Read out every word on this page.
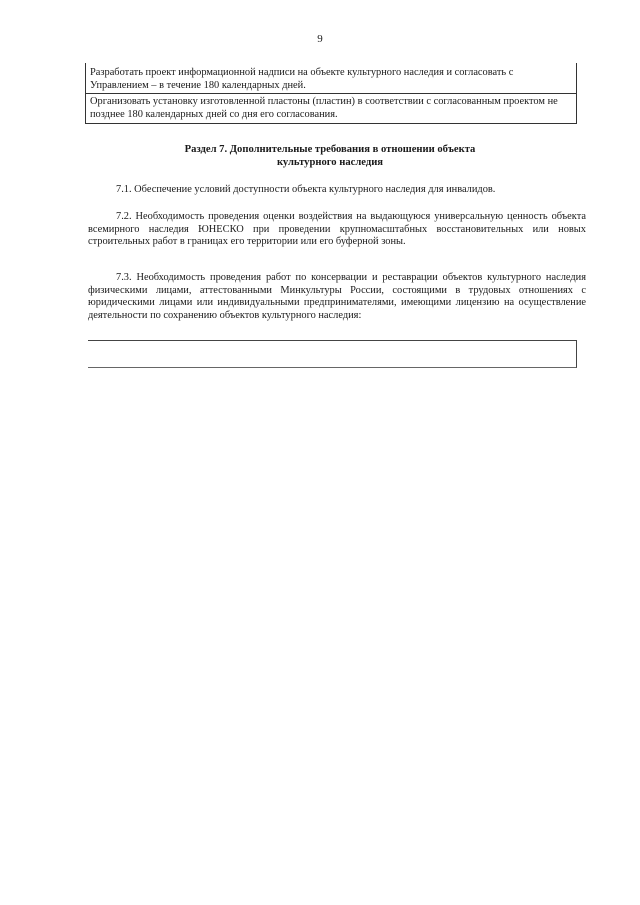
9
Разработать проект информационной надписи на объекте культурного наследия и согласовать с Управлением – в течение 180 календарных дней.
Организовать установку изготовленной пластоны (пластин) в соответствии с согласованным проектом не позднее 180 календарных дней со дня его согласования.
Раздел 7. Дополнительные требования в отношении объекта
культурного наследия
7.1. Обеспечение условий доступности объекта культурного наследия для инвалидов.
7.2. Необходимость проведения оценки воздействия на выдающуюся универсальную ценность объекта всемирного наследия ЮНЕСКО при проведении крупномасштабных восстановительных или новых строительных работ в границах его территории или его буферной зоны.
7.3. Необходимость проведения работ по консервации и реставрации объектов культурного наследия физическими лицами, аттестованными Минкультуры России, состоящими в трудовых отношениях с юридическими лицами или индивидуальными предпринимателями, имеющими лицензию на осуществление деятельности по сохранению объектов культурного наследия:
